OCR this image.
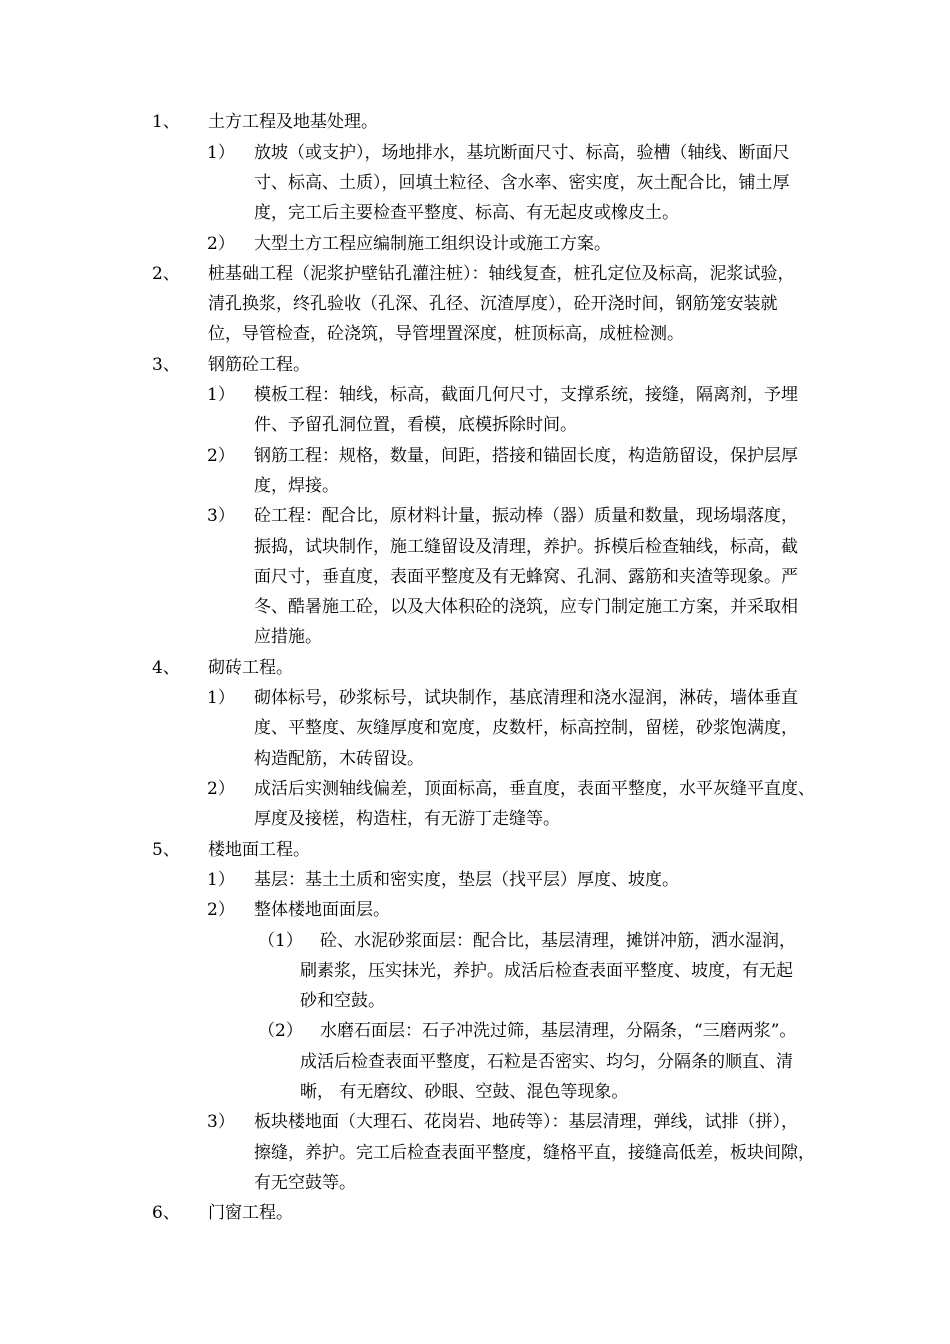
1、 土方工程及地基处理。
1） 放坡（或支护），场地排水，基坑断面尺寸、标高，验槽（轴线、断面尺
寸、标高、土质），回填土粒径、含水率、密实度，灰土配合比，铺土厚
度，完工后主要检查平整度、标高、有无起皮或橡皮土。
2） 大型土方工程应编制施工组织设计或施工方案。
2、 桩基础工程（泥浆护壁钻孔灌注桩）：轴线复查，桩孔定位及标高，泥浆试验，
清孔换浆，终孔验收（孔深、孔径、沉渣厚度），砼开浇时间，钢筋笼安装就
位，导管检查，砼浇筑，导管埋置深度，桩顶标高，成桩检测。
3、 钢筋砼工程。
1） 模板工程：轴线，标高，截面几何尺寸，支撑系统，接缝，隔离剂，予埋
件、予留孔洞位置，看模，底模拆除时间。
2） 钢筋工程：规格，数量，间距，搭接和锚固长度，构造筋留设，保护层厚
度，焊接。
3） 砼工程：配合比，原材料计量，振动棒（器）质量和数量，现场塌落度，
振捣，试块制作，施工缝留设及清理，养护。拆模后检查轴线，标高，截
面尺寸，垂直度，表面平整度及有无蜂窝、孔洞、露筋和夹渣等现象。严
冬、酷暑施工砼，以及大体积砼的浇筑，应专门制定施工方案，并采取相
应措施。
4、 砌砖工程。
1） 砌体标号，砂浆标号，试块制作，基底清理和浇水湿润，淋砖，墙体垂直
度、平整度、灰缝厚度和宽度，皮数杆，标高控制，留槎，砂浆饱满度，
构造配筋，木砖留设。
2） 成活后实测轴线偏差，顶面标高，垂直度，表面平整度，水平灰缝平直度、
厚度及接槎，构造柱，有无游丁走缝等。
5、 楼地面工程。
1） 基层：基土土质和密实度，垫层（找平层）厚度、坡度。
2） 整体楼地面面层。
（1） 砼、水泥砂浆面层：配合比，基层清理，摊饼冲筋，洒水湿润，
刷素浆，压实抹光，养护。成活后检查表面平整度、坡度，有无起
砂和空鼓。
（2） 水磨石面层：石子冲洗过筛，基层清理，分隔条，“三磨两浆”。
成活后检查表面平整度，石粒是否密实、均匀，分隔条的顺直、清
晰， 有无磨纹、砂眼、空鼓、混色等现象。
3） 板块楼地面（大理石、花岗岩、地砖等）：基层清理，弹线，试排（拼），
擦缝，养护。完工后检查表面平整度，缝格平直，接缝高低差，板块间隙，
有无空鼓等。
6、 门窗工程。
